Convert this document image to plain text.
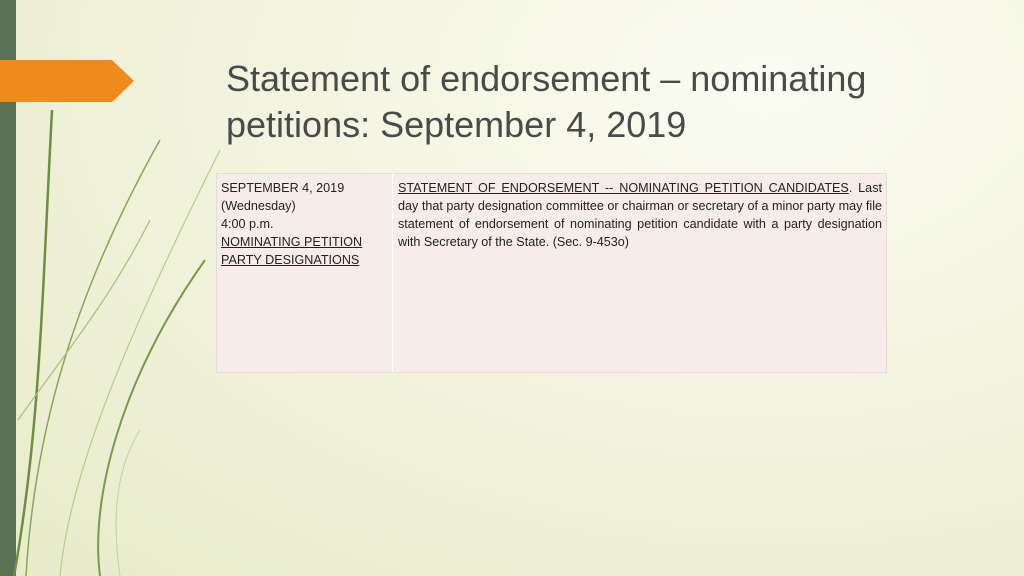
Statement of endorsement – nominating petitions: September 4, 2019
SEPTEMBER 4, 2019
(Wednesday)
4:00 p.m.
NOMINATING PETITION
PARTY DESIGNATIONS
STATEMENT OF ENDORSEMENT -- NOMINATING PETITION CANDIDATES. Last day that party designation committee or chairman or secretary of a minor party may file statement of endorsement of nominating petition candidate with a party designation with Secretary of the State. (Sec. 9-453o)
